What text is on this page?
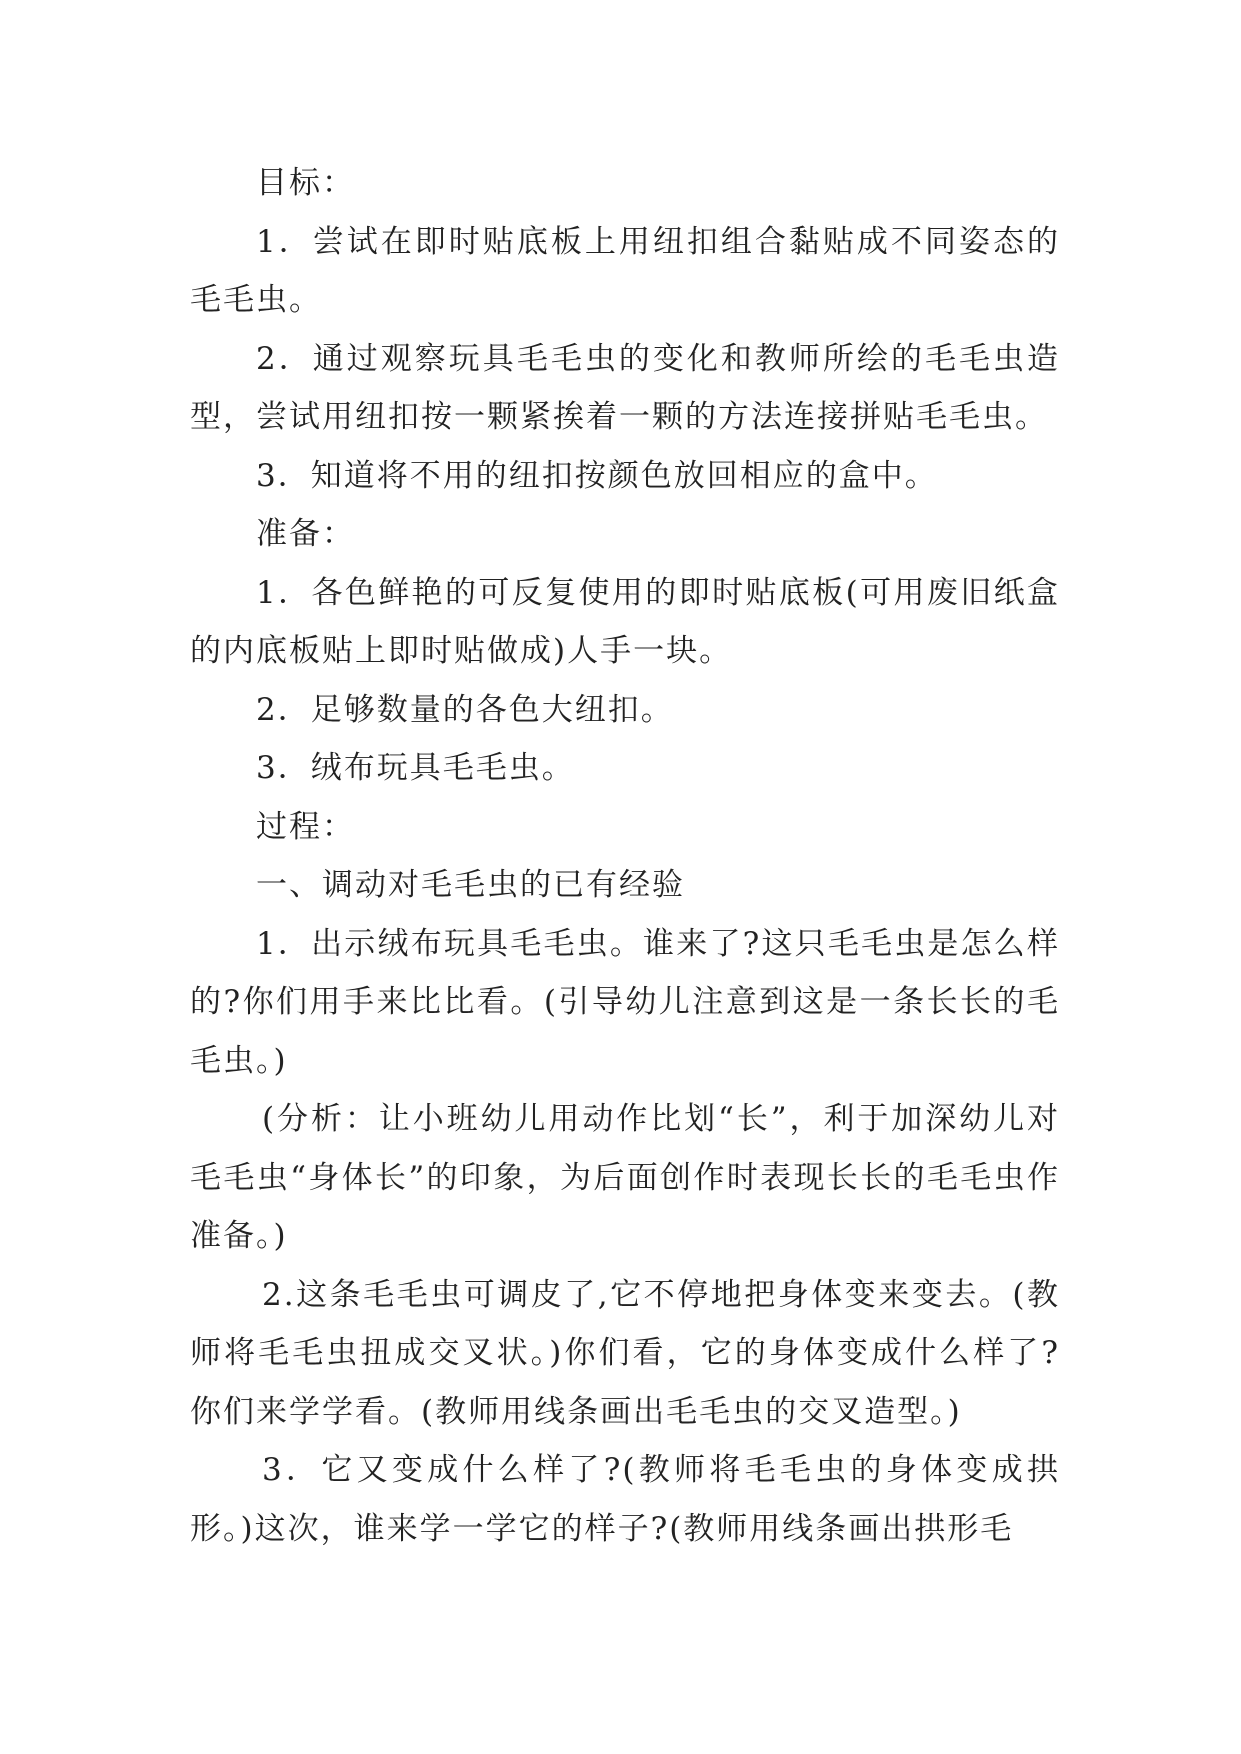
目标：

1．尝试在即时贴底板上用纽扣组合黏贴成不同姿态的毛毛虫。

2．通过观察玩具毛毛虫的变化和教师所绘的毛毛虫造型，尝试用纽扣按一颗紧挨着一颗的方法连接拼贴毛毛虫。

3．知道将不用的纽扣按颜色放回相应的盒中。

准备：

1．各色鲜艳的可反复使用的即时贴底板(可用废旧纸盒的内底板贴上即时贴做成)人手一块。

2．足够数量的各色大纽扣。

3．绒布玩具毛毛虫。

过程：

一、调动对毛毛虫的已有经验

1．出示绒布玩具毛毛虫。谁来了?这只毛毛虫是怎么样的?你们用手来比比看。(引导幼儿注意到这是一条长长的毛毛虫。)

(分析：让小班幼儿用动作比划“长”，利于加深幼儿对毛毛虫“身体长”的印象，为后面创作时表现长长的毛毛虫作准备。)

2.这条毛毛虫可调皮了,它不停地把身体变来变去。(教师将毛毛虫扭成交叉状。)你们看，它的身体变成什么样了?你们来学学看。(教师用线条画出毛毛虫的交叉造型。)

3．它又变成什么样了?(教师将毛毛虫的身体变成拱形。)这次，谁来学一学它的样子?(教师用线条画出拱形毛
